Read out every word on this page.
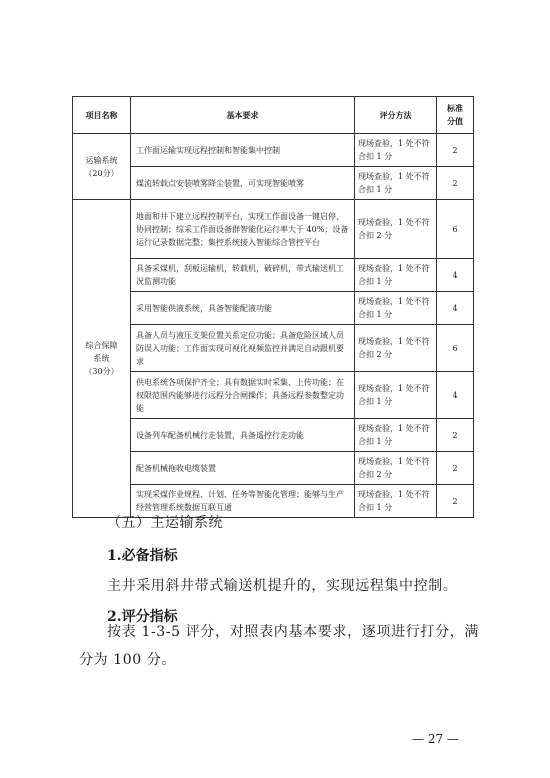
项目名称	基本要求	评分方法	标准
分值

运输系统
（20分）	工作面运输实现远程控制和智能集中控制	现场查验，1 处不符合扣 1 分	2
	煤流转载点安装喷雾降尘装置，可实现智能喷雾	现场查验，1 处不符合扣 1 分	2

综合保障
系统
（30分）	地面和井下建立远程控制平台，实现工作面设备一键启停、协同控制；综采工作面设备群智能化运行率大于 40%；设备运行记录数据完整；集控系统接入智能综合管控平台	现场查验，1 处不符合扣 2 分	6
	具备采煤机，刮板运输机，转载机，破碎机，带式输送机工况监测功能	现场查验，1 处不符合扣 1 分	4
	采用智能供液系统，具备智能配液功能	现场查验，1 处不符合扣 1 分	4
	具备人员与液压支架位置关系定位功能；具备危险区域人员防误入功能；工作面实现可视化视频监控并满足自动跟机要求	现场查验，1 处不符合扣 2 分	6
	供电系统各项保护齐全；具有数据实时采集、上传功能；在权限范围内能够进行远程分合闸操作；具备远程参数整定功能	现场查验，1 处不符合扣 1 分	4
	设备列车配备机械行走装置，具备遥控行走功能	现场查验，1 处不符合扣 1 分	2
	配备机械拖收电缆装置	现场查验，1 处不符合扣 2 分	2
	实现采煤作业规程、计划、任务等智能化管理；能够与生产经营管理系统数据互联互通	现场查验，1 处不符合扣 1 分	2
（五）主运输系统
1.必备指标
主井采用斜井带式输送机提升的，实现远程集中控制。
2.评分指标
按表 1-3-5 评分，对照表内基本要求，逐项进行打分，满分为 100 分。
— 27 —
